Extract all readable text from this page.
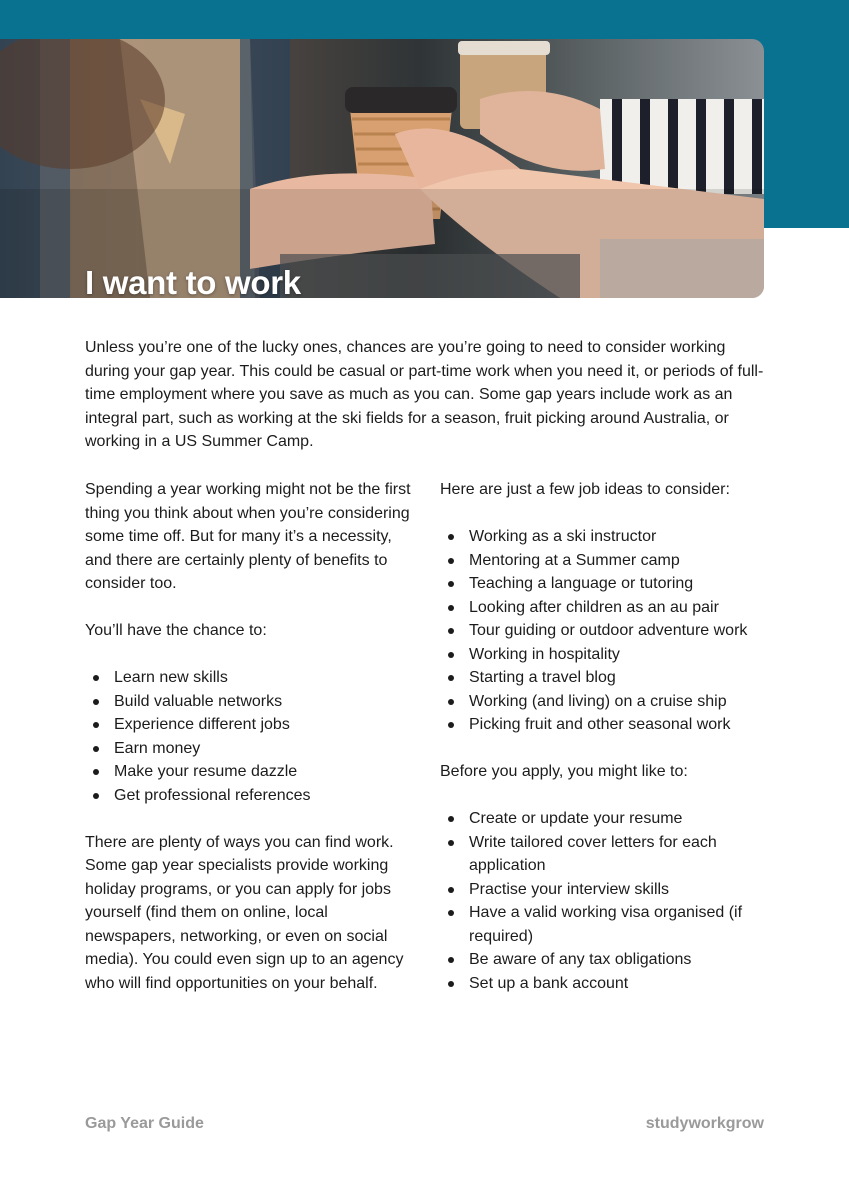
I want to work

Unless you’re one of the lucky ones, chances are you’re going to need to consider working during your gap year. This could be casual or part-time work when you need it, or periods of full-time employment where you save as much as you can. Some gap years include work as an integral part, such as working at the ski fields for a season, fruit picking around Australia, or working in a US Summer Camp.

Spending a year working might not be the first thing you think about when you’re considering some time off. But for many it’s a necessity, and there are certainly plenty of benefits to consider too.

You’ll have the chance to:

Learn new skills
Build valuable networks
Experience different jobs
Earn money
Make your resume dazzle
Get professional references

There are plenty of ways you can find work. Some gap year specialists provide working holiday programs, or you can apply for jobs yourself (find them on online, local newspapers, networking, or even on social media). You could even sign up to an agency who will find opportunities on your behalf.

Here are just a few job ideas to consider:

Working as a ski instructor
Mentoring at a Summer camp
Teaching a language or tutoring
Looking after children as an au pair
Tour guiding or outdoor adventure work
Working in hospitality
Starting a travel blog
Working (and living) on a cruise ship
Picking fruit and other seasonal work

Before you apply, you might like to:

Create or update your resume
Write tailored cover letters for each application
Practise your interview skills
Have a valid working visa organised (if required)
Be aware of any tax obligations
Set up a bank account
Gap Year Guide	studyworkgrow
